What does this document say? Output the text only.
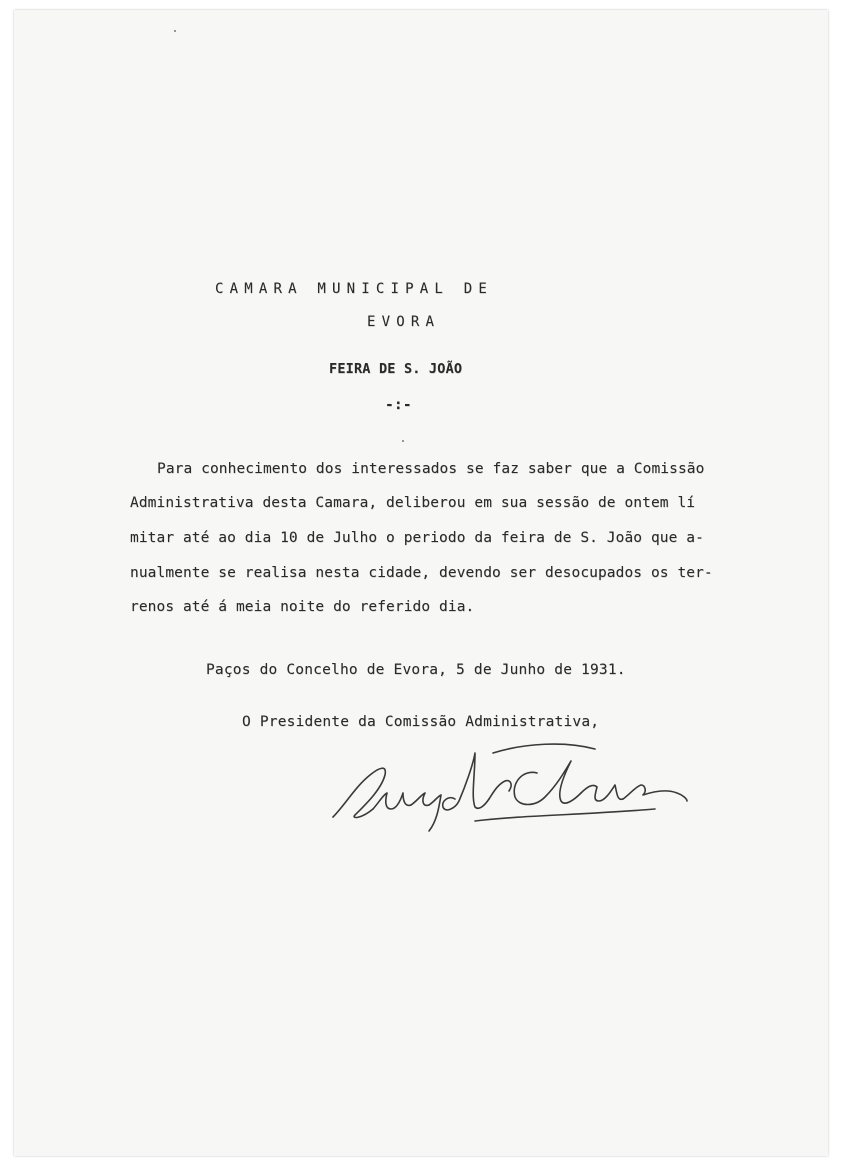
CAMARA MUNICIPAL DE
EVORA
FEIRA DE S. JOÃO
-:-
Para conhecimento dos interessados se faz saber que a Comissão
Administrativa desta Camara, deliberou em sua sessão de ontem lí
mitar até ao dia 10 de Julho o periodo da feira de S. João que a-
nualmente se realisa nesta cidade, devendo ser desocupados os ter-
renos até á meia noite do referido dia.
Paços do Concelho de Evora, 5 de Junho de 1931.
O Presidente da Comissão Administrativa,
